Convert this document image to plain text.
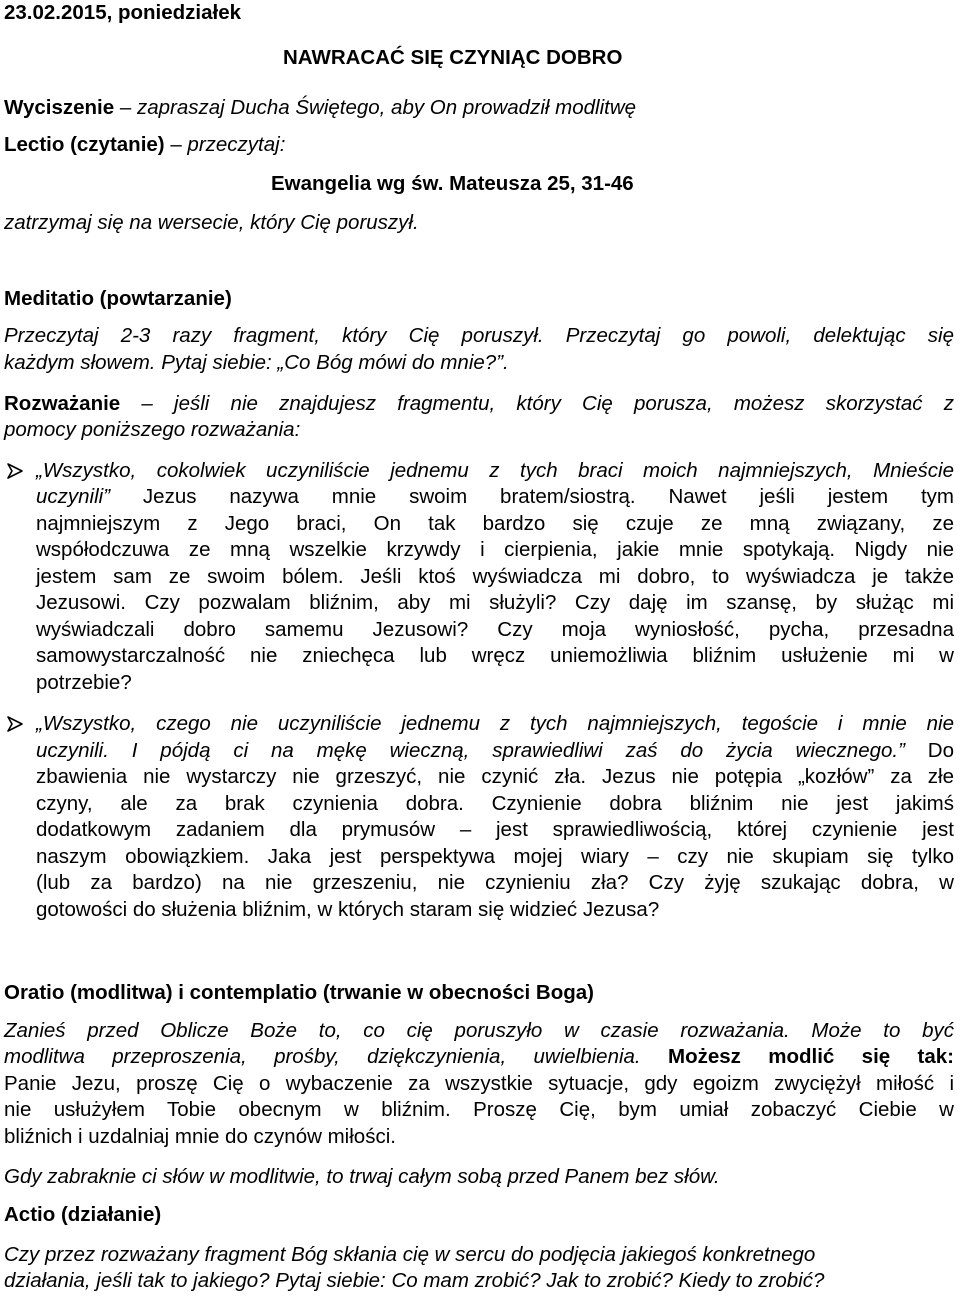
23.02.2015, poniedziałek
NAWRACAĆ SIĘ CZYNIĄC DOBRO
Wyciszenie – zapraszaj Ducha Świętego, aby On prowadził modlitwę
Lectio (czytanie) – przeczytaj:
Ewangelia wg św. Mateusza 25, 31-46
zatrzymaj się na wersecie, który Cię poruszył.
Meditatio (powtarzanie)
Przeczytaj 2-3 razy fragment, który Cię poruszył. Przeczytaj go powoli, delektując się
każdym słowem. Pytaj siebie: „Co Bóg mówi do mnie?”.
Rozważanie – jeśli nie znajdujesz fragmentu, który Cię porusza, możesz skorzystać z
pomocy poniższego rozważania:
„Wszystko, cokolwiek uczyniliście jednemu z tych braci moich najmniejszych, Mnieście
uczynili” Jezus nazywa mnie swoim bratem/siostrą. Nawet jeśli jestem tym
najmniejszym z Jego braci, On tak bardzo się czuje ze mną związany, ze
współodczuwa ze mną wszelkie krzywdy i cierpienia, jakie mnie spotykają. Nigdy nie
jestem sam ze swoim bólem. Jeśli ktoś wyświadcza mi dobro, to wyświadcza je także
Jezusowi. Czy pozwalam bliźnim, aby mi służyli? Czy daję im szansę, by służąc mi
wyświadczali dobro samemu Jezusowi? Czy moja wyniosłość, pycha, przesadna
samowystarczalność nie zniechęca lub wręcz uniemożliwia bliźnim usłużenie mi w
potrzebie?
„Wszystko, czego nie uczyniliście jednemu z tych najmniejszych, tegoście i mnie nie
uczynili. I pójdą ci na mękę wieczną, sprawiedliwi zaś do życia wiecznego.” Do
zbawienia nie wystarczy nie grzeszyć, nie czynić zła. Jezus nie potępia „kozłów” za złe
czyny, ale za brak czynienia dobra. Czynienie dobra bliźnim nie jest jakimś
dodatkowym zadaniem dla prymusów – jest sprawiedliwością, której czynienie jest
naszym obowiązkiem. Jaka jest perspektywa mojej wiary – czy nie skupiam się tylko
(lub za bardzo) na nie grzeszeniu, nie czynieniu zła? Czy żyję szukając dobra, w
gotowości do służenia bliźnim, w których staram się widzieć Jezusa?
Oratio (modlitwa) i contemplatio (trwanie w obecności Boga)
Zanieś przed Oblicze Boże to, co cię poruszyło w czasie rozważania. Może to być
modlitwa przeproszenia, prośby, dziękczynienia, uwielbienia. Możesz modlić się tak:
Panie Jezu, proszę Cię o wybaczenie za wszystkie sytuacje, gdy egoizm zwyciężył miłość i
nie usłużyłem Tobie obecnym w bliźnim. Proszę Cię, bym umiał zobaczyć Ciebie w
bliźnich i uzdalniaj mnie do czynów miłości.
Gdy zabraknie ci słów w modlitwie, to trwaj całym sobą przed Panem bez słów.
Actio (działanie)
Czy przez rozważany fragment Bóg skłania cię w sercu do podjęcia jakiegoś konkretnego
działania, jeśli tak to jakiego? Pytaj siebie: Co mam zrobić? Jak to zrobić? Kiedy to zrobić?
